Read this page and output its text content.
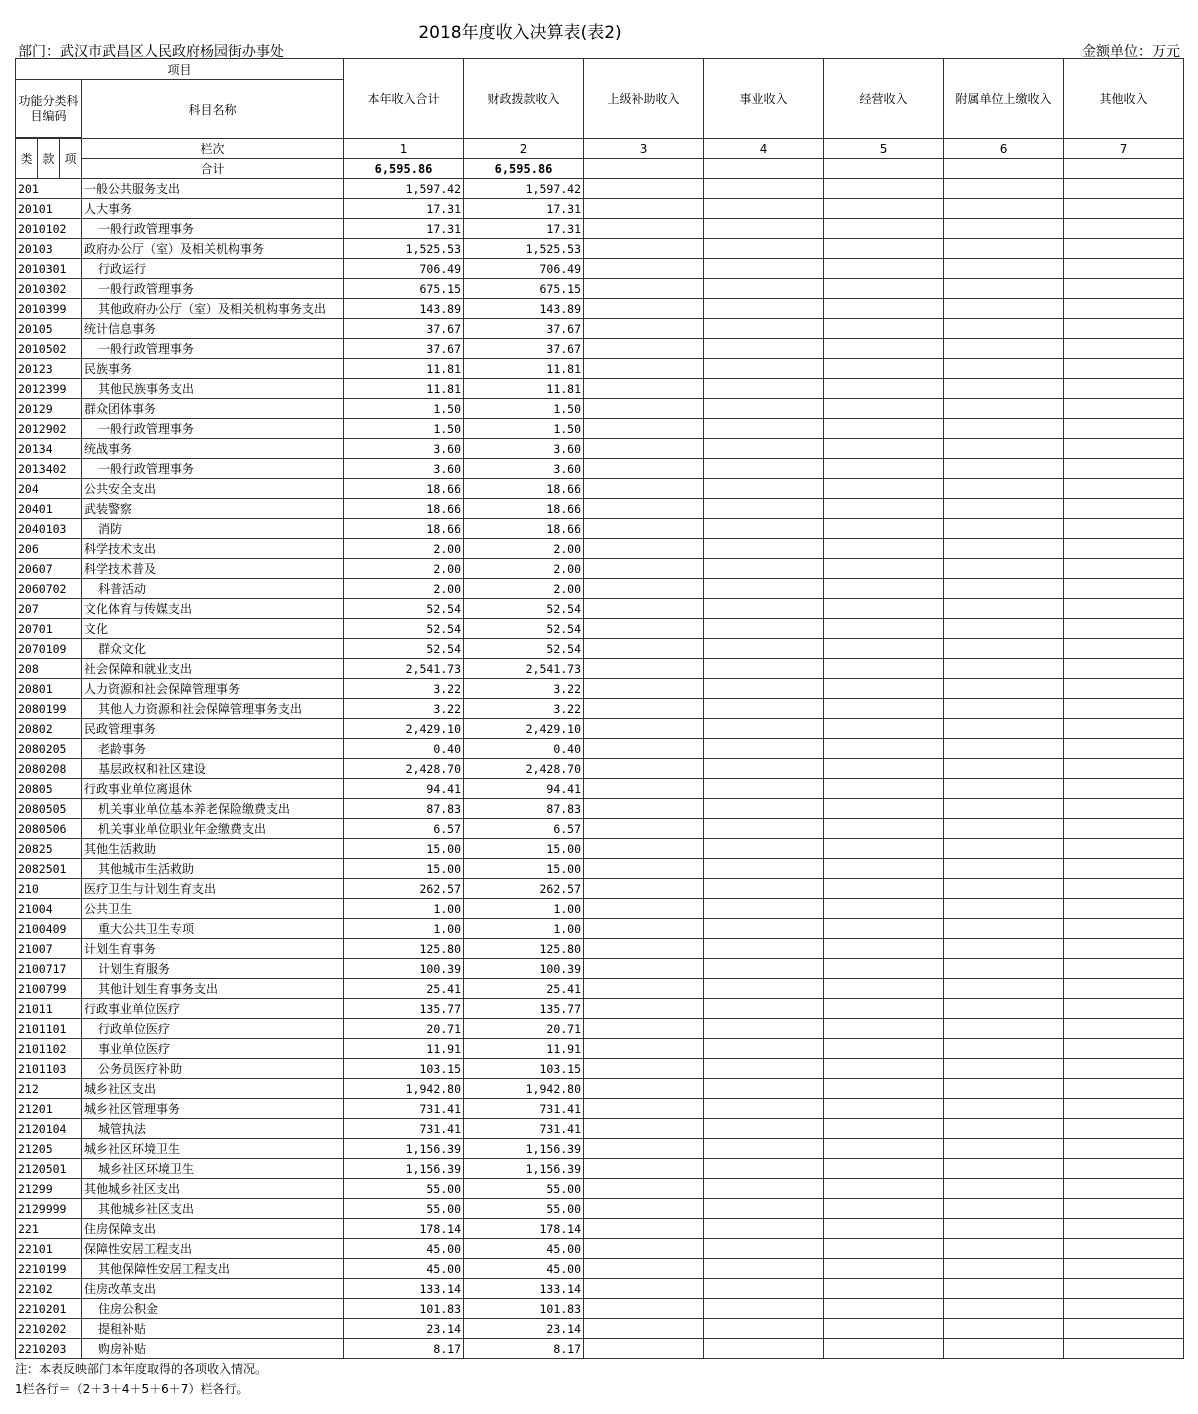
2018年度收入决算表(表2)
部门：武汉市武昌区人民政府杨园街办事处	金额单位：万元
项目				本年收入合计	财政拨款收入	上级补助收入	事业收入	经营收入	附属单位上缴收入	其他收入
功能分类科目编码			科目名称							

类	款	项	栏次	1	2	3	4	5	6	7
			合计	6,595.86	6,595.86					
201			一般公共服务支出	1,597.42	1,597.42					
20101			人大事务	17.31	17.31					
2010102			一般行政管理事务	17.31	17.31					
20103			政府办公厅（室）及相关机构事务	1,525.53	1,525.53					
2010301			行政运行	706.49	706.49					
2010302			一般行政管理事务	675.15	675.15					
2010399			其他政府办公厅（室）及相关机构事务支出	143.89	143.89					
20105			统计信息事务	37.67	37.67					
2010502			一般行政管理事务	37.67	37.67					
20123			民族事务	11.81	11.81					
2012399			其他民族事务支出	11.81	11.81					
20129			群众团体事务	1.50	1.50					
2012902			一般行政管理事务	1.50	1.50					
20134			统战事务	3.60	3.60					
2013402			一般行政管理事务	3.60	3.60					
204			公共安全支出	18.66	18.66					
20401			武装警察	18.66	18.66					
2040103			消防	18.66	18.66					
206			科学技术支出	2.00	2.00					
20607			科学技术普及	2.00	2.00					
2060702			科普活动	2.00	2.00					
207			文化体育与传媒支出	52.54	52.54					
20701			文化	52.54	52.54					
2070109			群众文化	52.54	52.54					
208			社会保障和就业支出	2,541.73	2,541.73					
20801			人力资源和社会保障管理事务	3.22	3.22					
2080199			其他人力资源和社会保障管理事务支出	3.22	3.22					
20802			民政管理事务	2,429.10	2,429.10					
2080205			老龄事务	0.40	0.40					
2080208			基层政权和社区建设	2,428.70	2,428.70					
20805			行政事业单位离退休	94.41	94.41					
2080505			机关事业单位基本养老保险缴费支出	87.83	87.83					
2080506			机关事业单位职业年金缴费支出	6.57	6.57					
20825			其他生活救助	15.00	15.00					
2082501			其他城市生活救助	15.00	15.00					
210			医疗卫生与计划生育支出	262.57	262.57					
21004			公共卫生	1.00	1.00					
2100409			重大公共卫生专项	1.00	1.00					
21007			计划生育事务	125.80	125.80					
2100717			计划生育服务	100.39	100.39					
2100799			其他计划生育事务支出	25.41	25.41					
21011			行政事业单位医疗	135.77	135.77					
2101101			行政单位医疗	20.71	20.71					
2101102			事业单位医疗	11.91	11.91					
2101103			公务员医疗补助	103.15	103.15					
212			城乡社区支出	1,942.80	1,942.80					
21201			城乡社区管理事务	731.41	731.41					
2120104			城管执法	731.41	731.41					
21205			城乡社区环境卫生	1,156.39	1,156.39					
2120501			城乡社区环境卫生	1,156.39	1,156.39					
21299			其他城乡社区支出	55.00	55.00					
2129999			其他城乡社区支出	55.00	55.00					
221			住房保障支出	178.14	178.14					
22101			保障性安居工程支出	45.00	45.00					
2210199			其他保障性安居工程支出	45.00	45.00					
22102			住房改革支出	133.14	133.14					
2210201			住房公积金	101.83	101.83					
2210202			提租补贴	23.14	23.14					
2210203			购房补贴	8.17	8.17					
注：本表反映部门本年度取得的各项收入情况。
1栏各行＝（2＋3＋4＋5＋6＋7）栏各行。
